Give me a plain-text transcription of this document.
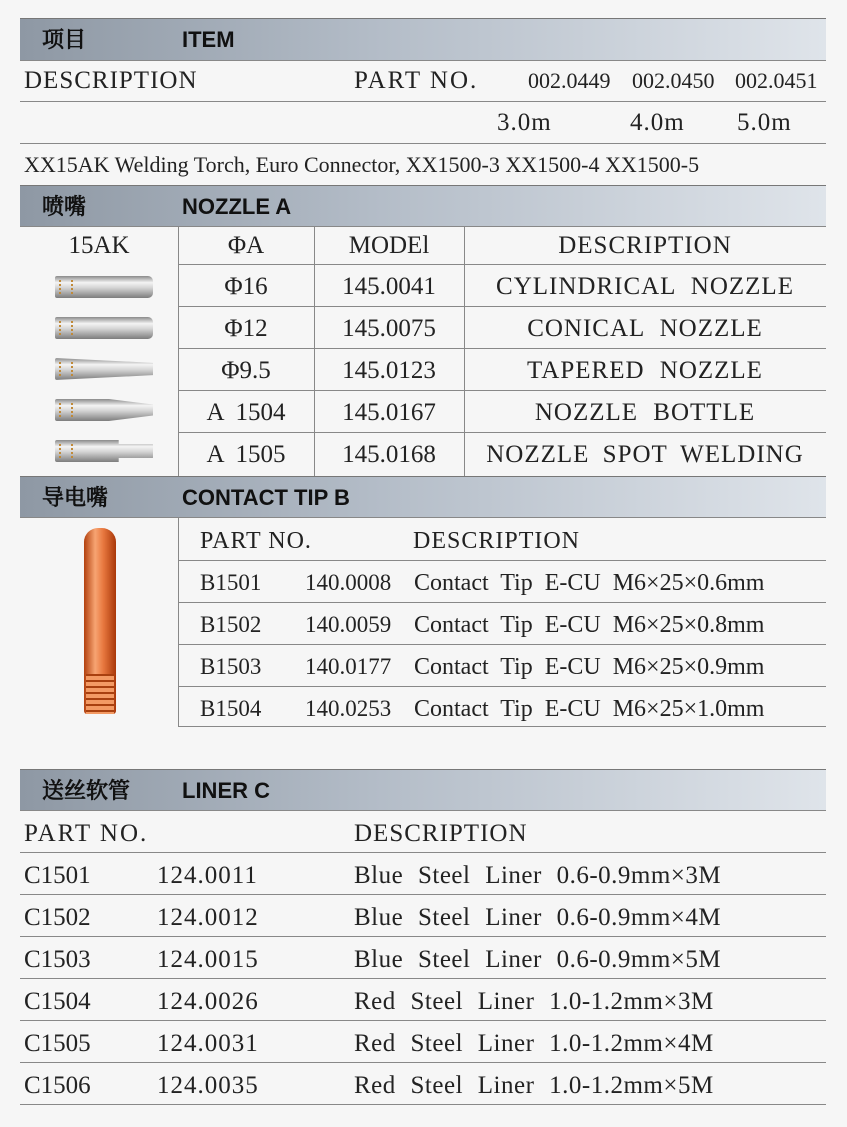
项目	ITEM
DESCRIPTION	PART NO. 002.0449 002.0450 002.0451
3.0m	4.0m 5.0m
XX15AK Welding Torch, Euro Connector, XX1500-3 XX1500-4 XX1500-5
喷嘴	NOZZLE A
15AK	ΦA	MODEl	DESCRIPTION
Φ16	145.0041	CYLINDRICAL NOZZLE
Φ12	145.0075	CONICAL NOZZLE
Φ9.5	145.0123	TAPERED NOZZLE
A 1504	145.0167	NOZZLE BOTTLE
A 1505	145.0168	NOZZLE SPOT WELDING
导电嘴	CONTACT TIP B
PART NO.	DESCRIPTION
B1501 140.0008 Contact Tip E-CU M6×25×0.6mm
B1502 140.0059 Contact Tip E-CU M6×25×0.8mm
B1503 140.0177 Contact Tip E-CU M6×25×0.9mm
B1504 140.0253 Contact Tip E-CU M6×25×1.0mm
送丝软管 LINER C
PART NO.	DESCRIPTION
C1501	124.0011	Blue Steel Liner 0.6-0.9mm×3M
C1502	124.0012	Blue Steel Liner 0.6-0.9mm×4M
C1503	124.0015	Blue Steel Liner 0.6-0.9mm×5M
C1504	124.0026	Red Steel Liner 1.0-1.2mm×3M
C1505	124.0031	Red Steel Liner 1.0-1.2mm×4M
C1506	124.0035	Red Steel Liner 1.0-1.2mm×5M
